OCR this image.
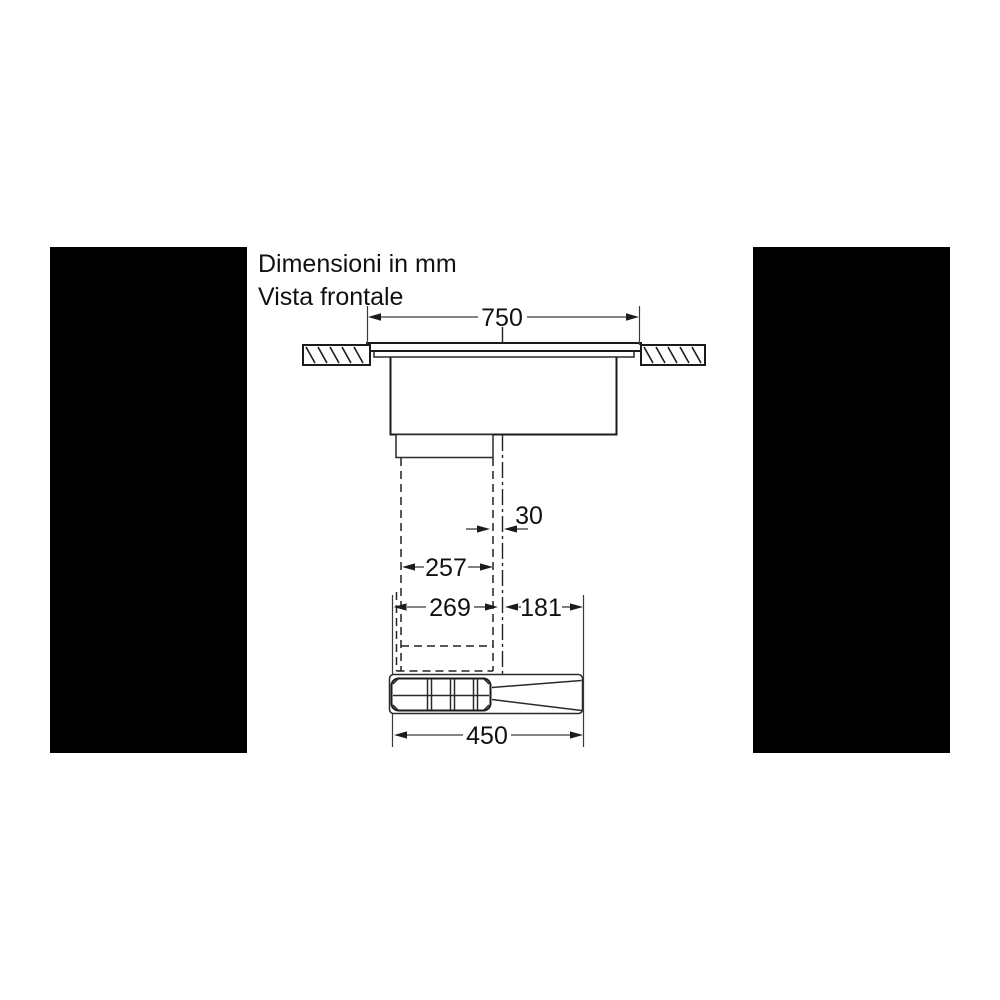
Dimensioni in mm
Vista frontale
750
30
257
269 181
450
